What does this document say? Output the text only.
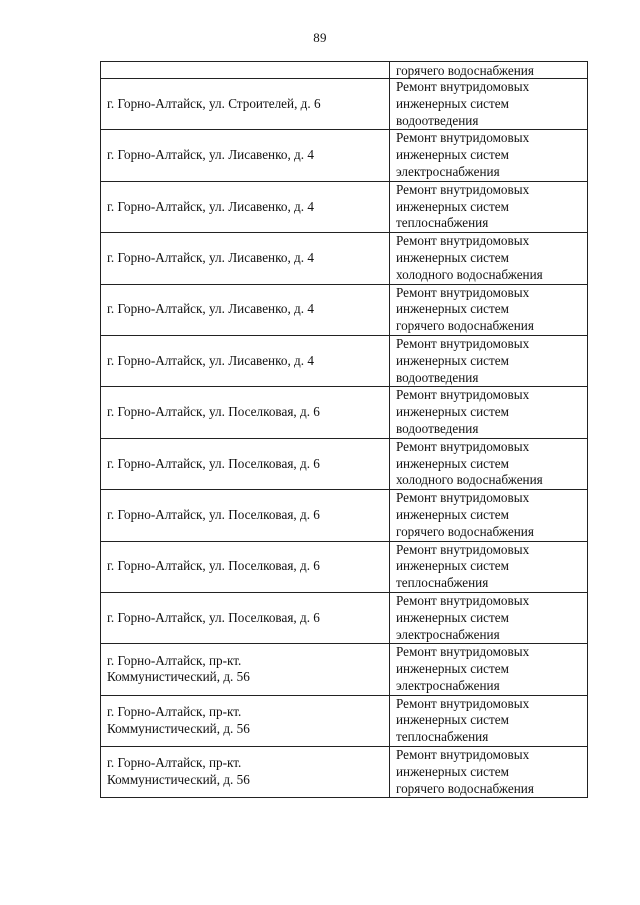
89
	горячего водоснабжения
г. Горно-Алтайск, ул. Строителей, д. 6	Ремонт внутридомовых
инженерных систем
водоотведения
г. Горно-Алтайск, ул. Лисавенко, д. 4	Ремонт внутридомовых
инженерных систем
электроснабжения
г. Горно-Алтайск, ул. Лисавенко, д. 4	Ремонт внутридомовых
инженерных систем
теплоснабжения
г. Горно-Алтайск, ул. Лисавенко, д. 4	Ремонт внутридомовых
инженерных систем
холодного водоснабжения
г. Горно-Алтайск, ул. Лисавенко, д. 4	Ремонт внутридомовых
инженерных систем
горячего водоснабжения
г. Горно-Алтайск, ул. Лисавенко, д. 4	Ремонт внутридомовых
инженерных систем
водоотведения
г. Горно-Алтайск, ул. Поселковая, д. 6	Ремонт внутридомовых
инженерных систем
водоотведения
г. Горно-Алтайск, ул. Поселковая, д. 6	Ремонт внутридомовых
инженерных систем
холодного водоснабжения
г. Горно-Алтайск, ул. Поселковая, д. 6	Ремонт внутридомовых
инженерных систем
горячего водоснабжения
г. Горно-Алтайск, ул. Поселковая, д. 6	Ремонт внутридомовых
инженерных систем
теплоснабжения
г. Горно-Алтайск, ул. Поселковая, д. 6	Ремонт внутридомовых
инженерных систем
электроснабжения
г. Горно-Алтайск, пр-кт.
Коммунистический, д. 56	Ремонт внутридомовых
инженерных систем
электроснабжения
г. Горно-Алтайск, пр-кт.
Коммунистический, д. 56	Ремонт внутридомовых
инженерных систем
теплоснабжения
г. Горно-Алтайск, пр-кт.
Коммунистический, д. 56	Ремонт внутридомовых
инженерных систем
горячего водоснабжения
